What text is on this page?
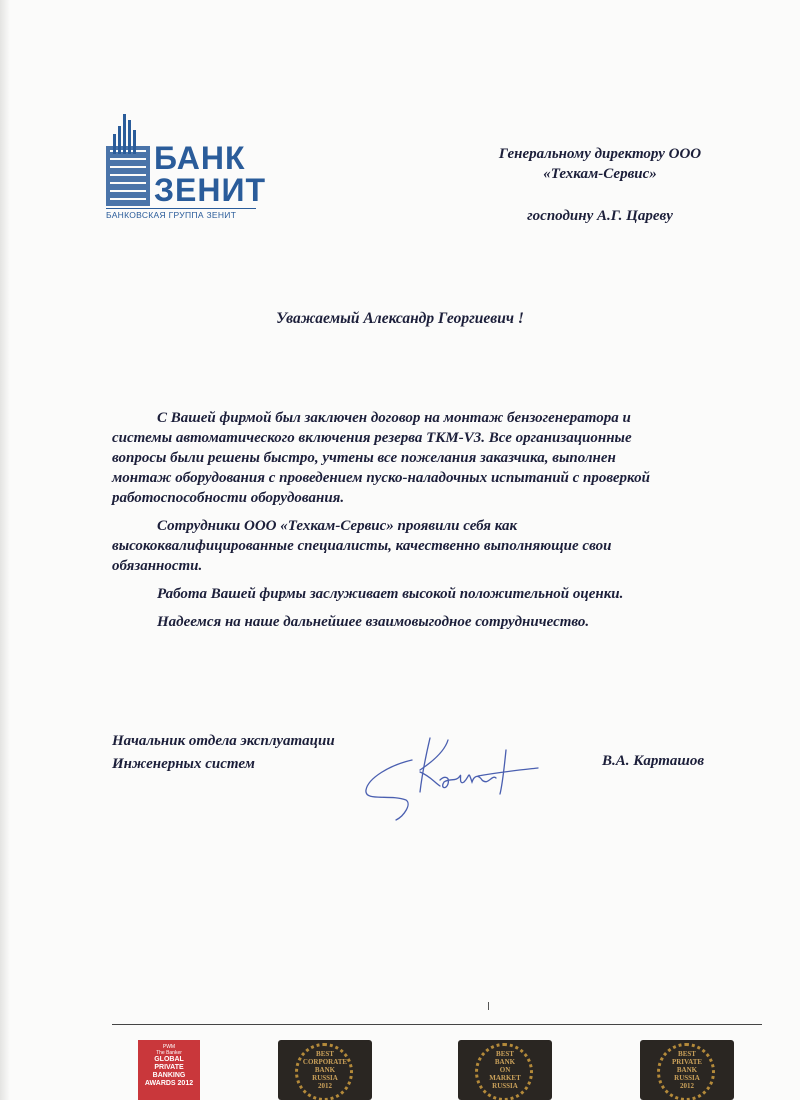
БАНК
ЗЕНИТ
БАНКОВСКАЯ ГРУППА ЗЕНИТ
Генеральному директору ООО
«Техкам-Сервис»
господину А.Г. Цареву
Уважаемый Александр Георгиевич !

С Вашей фирмой был заключен договор на монтаж бензогенератора и

системы автоматического включения резерва ТКМ-V3. Все организационные

вопросы были решены быстро, учтены все пожелания заказчика, выполнен

монтаж оборудования с проведением пуско-наладочных испытаний с проверкой

работоспособности оборудования.

Сотрудники ООО «Техкам-Сервис» проявили себя как

высококвалифицированные специалисты, качественно выполняющие свои

обязанности.

Работа Вашей фирмы заслуживает высокой положительной оценки.

Надеемся на наше дальнейшее взаимовыгодное сотрудничество.

Начальник отдела эксплуатации
Инженерных систем	В.А. Карташов
PWM
The Banker
GLOBAL
PRIVATE
BANKING
AWARDS 2012
BEST
CORPORATE
BANK
RUSSIA
2012
BEST
BANK
ON
MARKET
RUSSIA
BEST
PRIVATE
BANK
RUSSIA
2012
